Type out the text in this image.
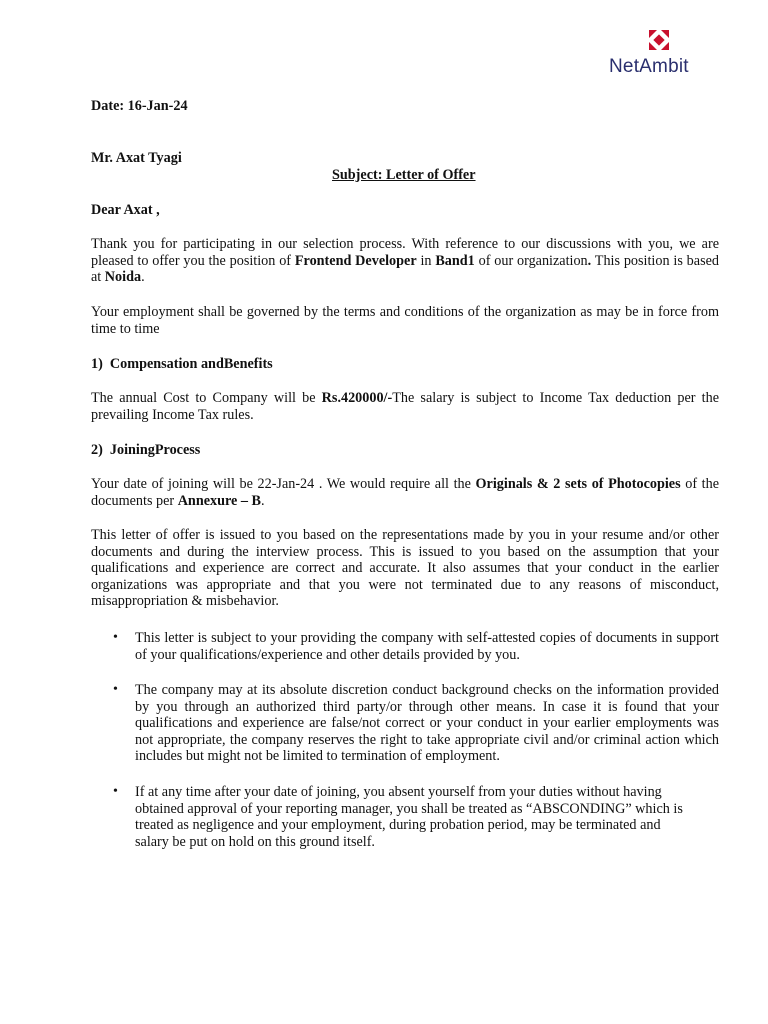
NetAmbit
Date: 16-Jan-24
Mr. Axat Tyagi
Subject: Letter of Offer
Dear Axat ,
Thank you for participating in our selection process. With reference to our discussions with you, we are pleased to offer you the position of Frontend Developer in Band1 of our organization. This position is based at Noida.
Your employment shall be governed by the terms and conditions of the organization as may be in force from time to time
1)  Compensation andBenefits
The annual Cost to Company will be Rs.420000/-The salary is subject to Income Tax deduction per the prevailing Income Tax rules.
2)  JoiningProcess
Your date of joining will be 22-Jan-24 . We would require all the Originals & 2 sets of Photocopies of the documents per Annexure – B.
This letter of offer is issued to you based on the representations made by you in your resume and/or other documents and during the interview process. This is issued to you based on the assumption that your qualifications and experience are correct and accurate. It also assumes that your conduct in the earlier organizations was appropriate and that you were not terminated due to any reasons of misconduct, misappropriation & misbehavior.
• This letter is subject to your providing the company with self-attested copies of documents in support of your qualifications/experience and other details provided by you.
• The company may at its absolute discretion conduct background checks on the information provided by you through an authorized third party/or through other means. In case it is found that your qualifications and experience are false/not correct or your conduct in your earlier employments was not appropriate, the company reserves the right to take appropriate civil and/or criminal action which includes but might not be limited to termination of employment.
• If at any time after your date of joining, you absent yourself from your duties without having obtained approval of your reporting manager, you shall be treated as “ABSCONDING” which is treated as negligence and your employment, during probation period, may be terminated and salary be put on hold on this ground itself.
